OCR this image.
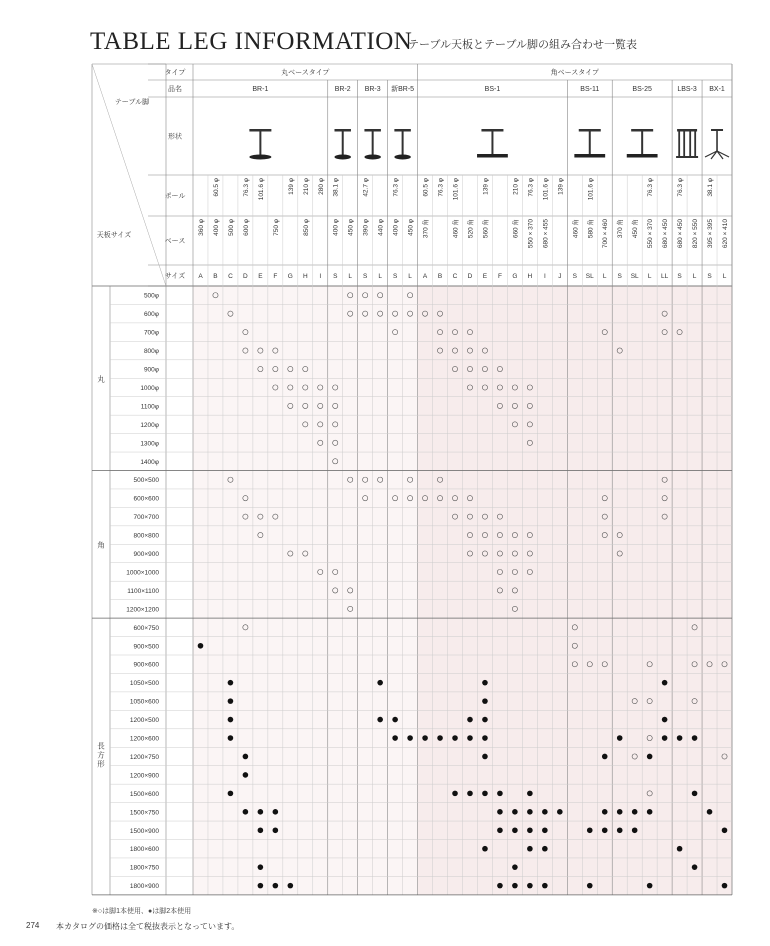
TABLE LEG INFORMATION
テーブル天板とテーブル脚の組み合わせ一覧表
タイプ
品名
形状
ポール
ベース
サイズ
テーブル脚
天板サイズ
丸ベースタイプ	角ベースタイプ
BR-1
360 φ
A
60.5 φ
400 φ
B
500 φ
C
76.3 φ
600 φ
D
101.6 φ
E
750 φ
F
139 φ
G
210 φ
850 φ
H
280 φ
I
BR-2
38.1 φ
400 φ
S
450 φ
L
BR-3
42.7 φ
390 φ
S
440 φ
L
新BR-5
76.3 φ
400 φ
S
450 φ
L
BS-1
60.5 φ
370 角
A
76.3 φ
B
101.6 φ
460 角
C
520 角
D
139 φ
560 角
E F
210 φ
660 角
G
76.3 φ
550 × 370
H
101.6 φ
680 × 455
I
139 φ
J
BS-11
460 角
S
101.6 φ
580 角
SL
700 × 460
L
BS-25
370 角
S
450 角
SL
76.3 φ
550 × 370
L
680 × 450
LL
LBS-3
76.3 φ
680 × 450
S
820 × 550
L
BX-1
38.1 φ
395 × 395
S
620 × 410
L
500φ
600φ
700φ
800φ
900φ
1000φ
1100φ
1200φ
1300φ
1400φ
500×500
600×600
700×700
800×800
900×900
1000×1000
1100×1100
1200×1200
600×750
900×500
900×600
1050×500
1050×600
1200×500
1200×600
1200×750
1200×900
1500×600
1500×750
1500×900
1800×600
1800×750
1800×900
丸
角
長
方
形
※○は脚1本使用、●は脚2本使用
274 本カタログの価格は全て税抜表示となっています。
